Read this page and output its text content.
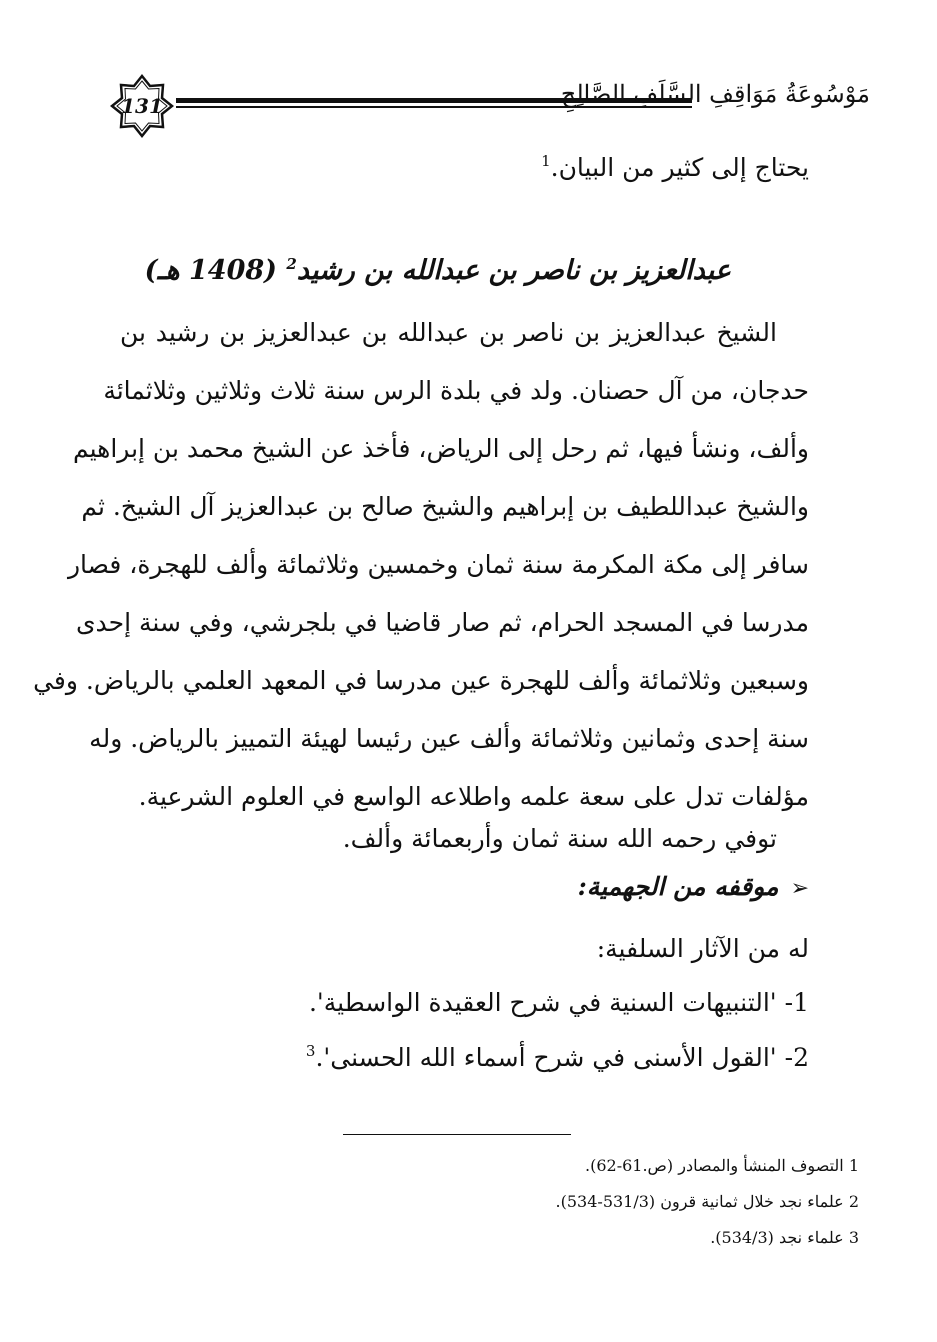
131	مَوْسُوعَةُ مَوَاقِفِ السَّلَفِ الصَّالِحِ
يحتاج إلى كثير من البيان.$^1$
عبدالعزيز بن ناصر بن عبدالله بن رشيد$^2$ (1408 هـ)
الشيخ عبدالعزيز بن ناصر بن عبدالله بن عبدالعزيز بن رشيد بن
حدجان، من آل حصنان. ولد في بلدة الرس سنة ثلاث وثلاثين وثلاثمائة
وألف، ونشأ فيها، ثم رحل إلى الرياض، فأخذ عن الشيخ محمد بن إبراهيم
والشيخ عبداللطيف بن إبراهيم والشيخ صالح بن عبدالعزيز آل الشيخ. ثم
سافر إلى مكة المكرمة سنة ثمان وخمسين وثلاثمائة وألف للهجرة، فصار
مدرسا في المسجد الحرام، ثم صار قاضيا في بلجرشي، وفي سنة إحدى
وسبعين وثلاثمائة وألف للهجرة عين مدرسا في المعهد العلمي بالرياض. وفي
سنة إحدى وثمانين وثلاثمائة وألف عين رئيسا لهيئة التمييز بالرياض. وله
مؤلفات تدل على سعة علمه واطلاعه الواسع في العلوم الشرعية.
توفي رحمه الله سنة ثمان وأربعمائة وألف.
➢موقفه من الجهمية:
له من الآثار السلفية:
1- 'التنبيهات السنية في شرح العقيدة الواسطية'.
2- 'القول الأسنى في شرح أسماء الله الحسنى'.$^3$
1 التصوف المنشأ والمصادر (ص.61-62).
2 علماء نجد خلال ثمانية قرون (531/3-534).
3 علماء نجد (534/3).
